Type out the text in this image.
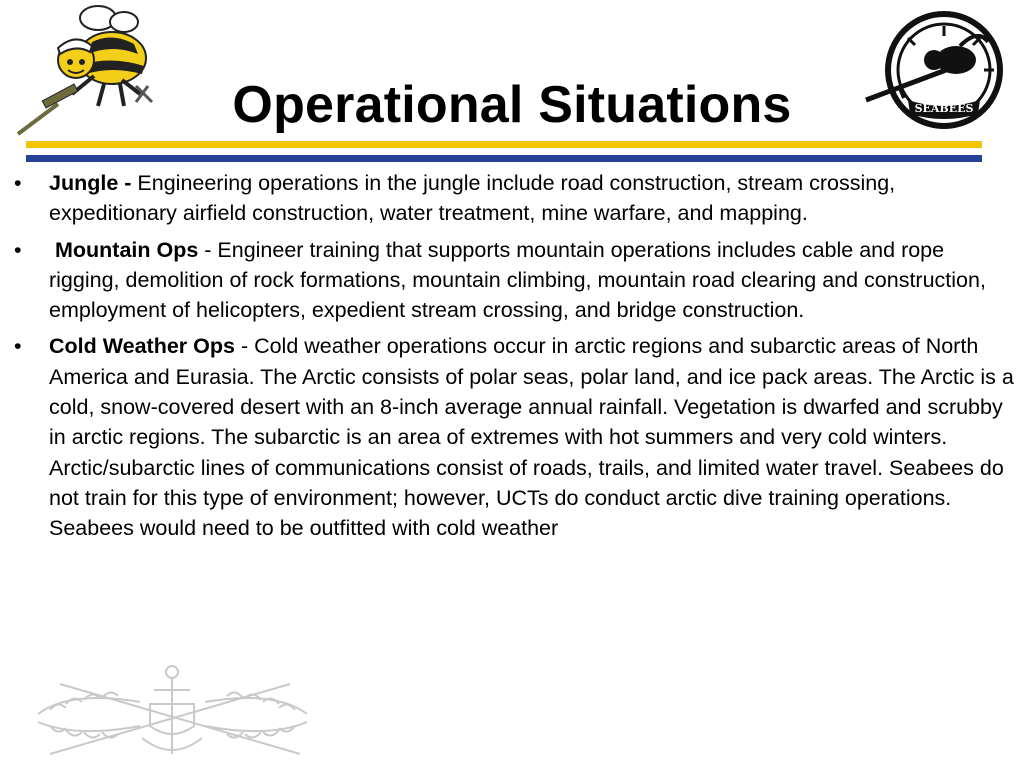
Operational Situations	SEABEES
• Jungle - Engineering operations in the jungle include road construction, stream crossing, expeditionary airfield construction, water treatment, mine warfare, and mapping.
• Mountain Ops - Engineer training that supports mountain operations includes cable and rope rigging, demolition of rock formations, mountain climbing, mountain road clearing and construction, employment of helicopters, expedient stream crossing, and bridge construction.
• Cold Weather Ops - Cold weather operations occur in arctic regions and subarctic areas of North America and Eurasia. The Arctic consists of polar seas, polar land, and ice pack areas. The Arctic is a cold, snow-covered desert with an 8-inch average annual rainfall. Vegetation is dwarfed and scrubby in arctic regions. The subarctic is an area of extremes with hot summers and very cold winters. Arctic/subarctic lines of communications consist of roads, trails, and limited water travel. Seabees do not train for this type of environment; however, UCTs do conduct arctic dive training operations. Seabees would need to be outfitted with cold weather
